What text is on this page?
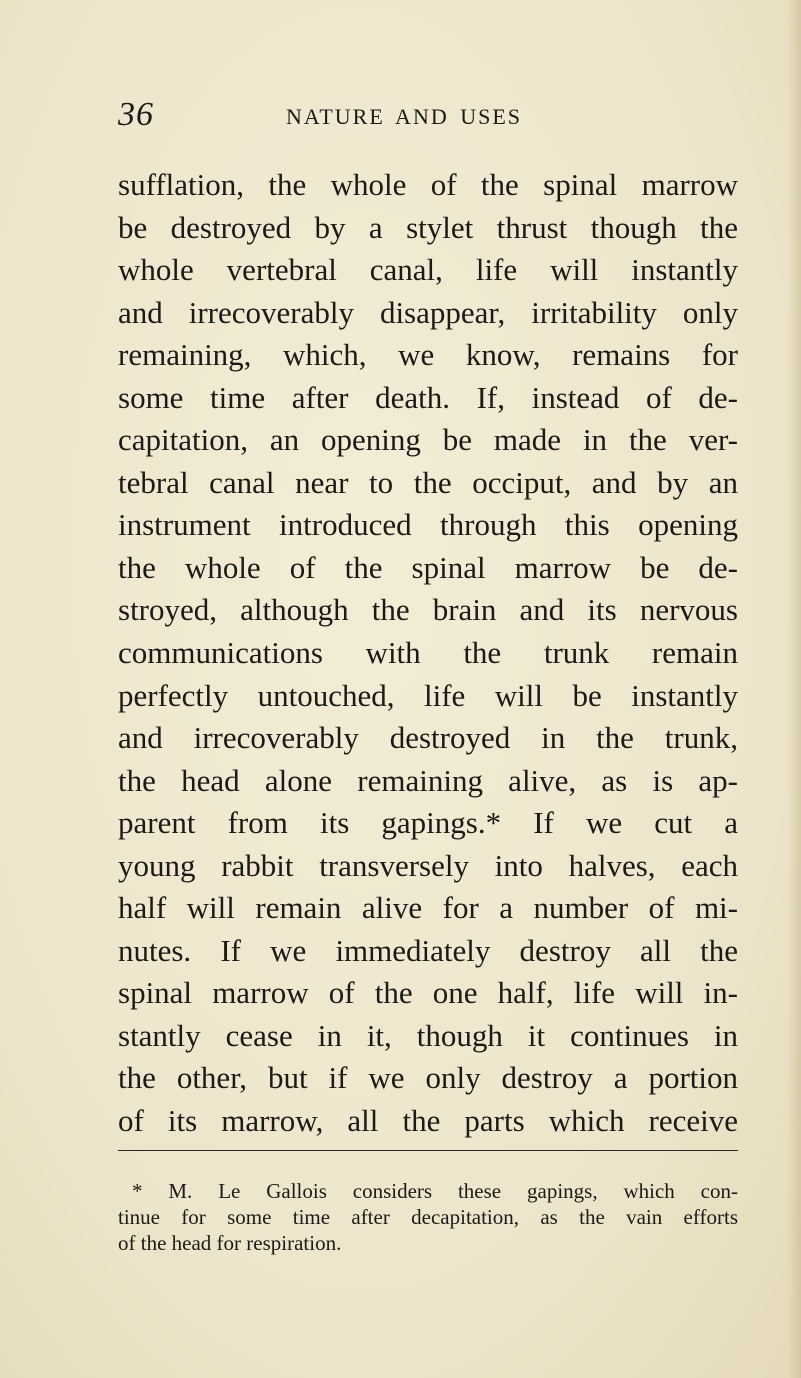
36	NATURE AND USES
sufflation, the whole of the spinal marrow
be destroyed by a stylet thrust though the
whole vertebral canal, life will instantly
and irrecoverably disappear, irritability only
remaining, which, we know, remains for
some time after death. If, instead of de-
capitation, an opening be made in the ver-
tebral canal near to the occiput, and by an
instrument introduced through this opening
the whole of the spinal marrow be de-
stroyed, although the brain and its nervous
communications with the trunk remain
perfectly untouched, life will be instantly
and irrecoverably destroyed in the trunk,
the head alone remaining alive, as is ap-
parent from its gapings.* If we cut a
young rabbit transversely into halves, each
half will remain alive for a number of mi-
nutes. If we immediately destroy all the
spinal marrow of the one half, life will in-
stantly cease in it, though it continues in
the other, but if we only destroy a portion
of its marrow, all the parts which receive
* M. Le Gallois considers these gapings, which con-
tinue for some time after decapitation, as the vain efforts
of the head for respiration.
